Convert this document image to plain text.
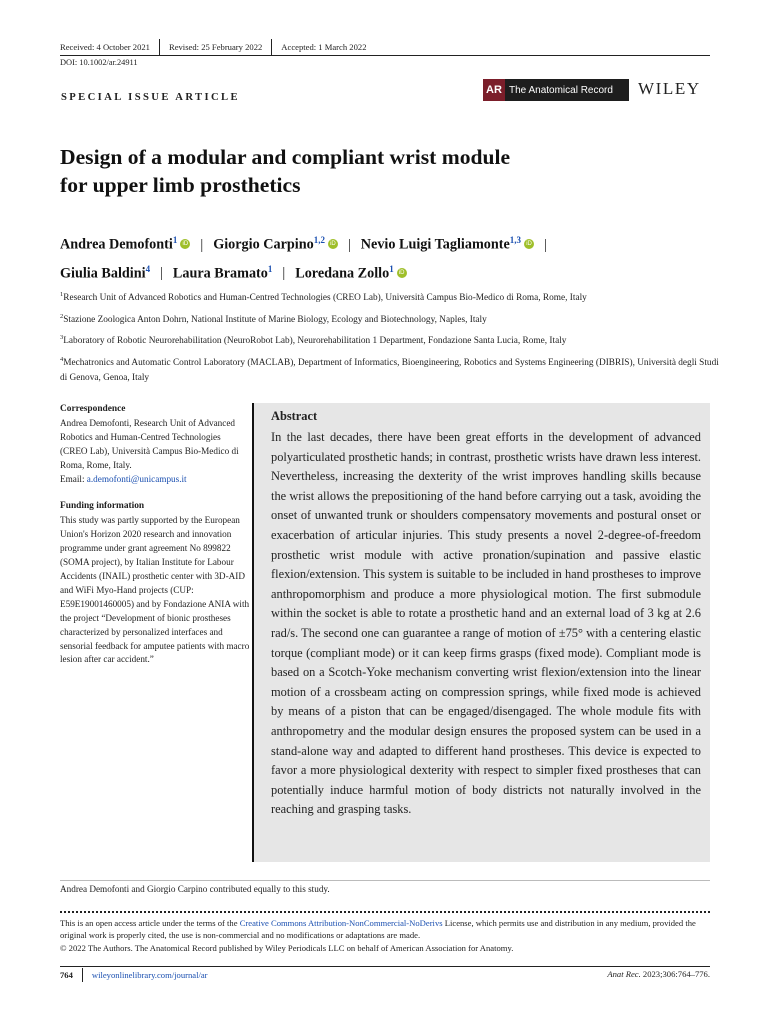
Received: 4 October 2021 Revised: 25 February 2022 Accepted: 1 March 2022
DOI: 10.1002/ar.24911
SPECIAL ISSUE ARTICLE
AR The Anatomical Record WILEY
Design of a modular and compliant wrist module
for upper limb prosthetics
Andrea Demofonti$^1$ iD | Giorgio Carpino$^{1,2}$ iD | Nevio Luigi Tagliamonte$^{1,3}$ iD |
Giulia Baldini$^4$ | Laura Bramato$^1$ | Loredana Zollo$^1$ iD

$^1$Research Unit of Advanced Robotics and Human-Centred Technologies (CREO Lab), Università Campus Bio-Medico di Roma, Rome, Italy

$^2$Stazione Zoologica Anton Dohrn, National Institute of Marine Biology, Ecology and Biotechnology, Naples, Italy

$^3$Laboratory of Robotic Neurorehabilitation (NeuroRobot Lab), Neurorehabilitation 1 Department, Fondazione Santa Lucia, Rome, Italy

$^4$Mechatronics and Automatic Control Laboratory (MACLAB), Department of Informatics, Bioengineering, Robotics and Systems Engineering (DIBRIS), Università degli Studi di Genova, Genoa, Italy

Correspondence

Andrea Demofonti, Research Unit of Advanced Robotics and Human-Centred Technologies (CREO Lab), Università Campus Bio-Medico di Roma, Rome, Italy.

Email: a.demofonti@unicampus.it

Funding information

This study was partly supported by the European Union's Horizon 2020 research and innovation programme under grant agreement No 899822 (SOMA project), by Italian Institute for Labour Accidents (INAIL) prosthetic center with 3D-AID and WiFi Myo-Hand projects (CUP: E59E19001460005) and by Fondazione ANIA with the project “Development of bionic prostheses characterized by personalized interfaces and sensorial feedback for amputee patients with macro lesion after car accident.”

Abstract
In the last decades, there have been great efforts in the development of advanced polyarticulated prosthetic hands; in contrast, prosthetic wrists have drawn less interest. Nevertheless, increasing the dexterity of the wrist improves handling skills because the wrist allows the prepositioning of the hand before carrying out a task, avoiding the onset of unwanted trunk or shoulders compensatory movements and postural onset or exacerbation of articular injuries. This study presents a novel 2-degree-of-freedom prosthetic wrist module with active pronation/supination and passive elastic flexion/extension. This system is suitable to be included in hand prostheses to improve anthropomorphism and produce a more physiological motion. The first submodule within the socket is able to rotate a prosthetic hand and an external load of 3 kg at 2.6 rad/s. The second one can guarantee a range of motion of ±75° with a centering elastic torque (compliant mode) or it can keep firms grasps (fixed mode). Compliant mode is based on a Scotch-Yoke mechanism converting wrist flexion/extension into the linear motion of a crossbeam acting on compression springs, while fixed mode is achieved by means of a piston that can be engaged/disengaged. The whole module fits with anthropometry and the modular design ensures the proposed system can be used in a stand-alone way and adapted to different hand prostheses. This device is expected to favor a more physiological dexterity with respect to simpler fixed prostheses that can potentially induce harmful motion of body districts not naturally involved in the reaching and grasping tasks.
Andrea Demofonti and Giorgio Carpino contributed equally to this study.
This is an open access article under the terms of the Creative Commons Attribution-NonCommercial-NoDerivs License, which permits use and distribution in any medium, provided the original work is properly cited, the use is non-commercial and no modifications or adaptations are made.
© 2022 The Authors. The Anatomical Record published by Wiley Periodicals LLC on behalf of American Association for Anatomy.
764 wileyonlinelibrary.com/journal/ar	Anat Rec. 2023;306:764–776.
